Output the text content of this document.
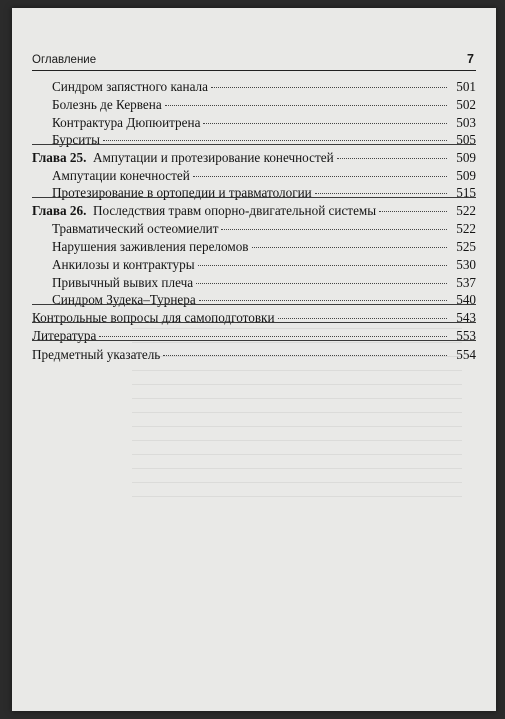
Оглавление	7
Синдром запястного канала	501
Болезнь де Кервена	502
Контрактура Дюпюитрена	503
Бурситы	505
Глава 25. Ампутации и протезирование конечностей	509
Ампутации конечностей	509
Протезирование в ортопедии и травматологии	515
Глава 26. Последствия травм опорно-двигательной системы	522
Травматический остеомиелит	522
Нарушения заживления переломов	525
Анкилозы и контрактуры	530
Привычный вывих плеча	537
Синдром Зудека–Турнера	540
Контрольные вопросы для самоподготовки	543
Литература	553
Предметный указатель	554
